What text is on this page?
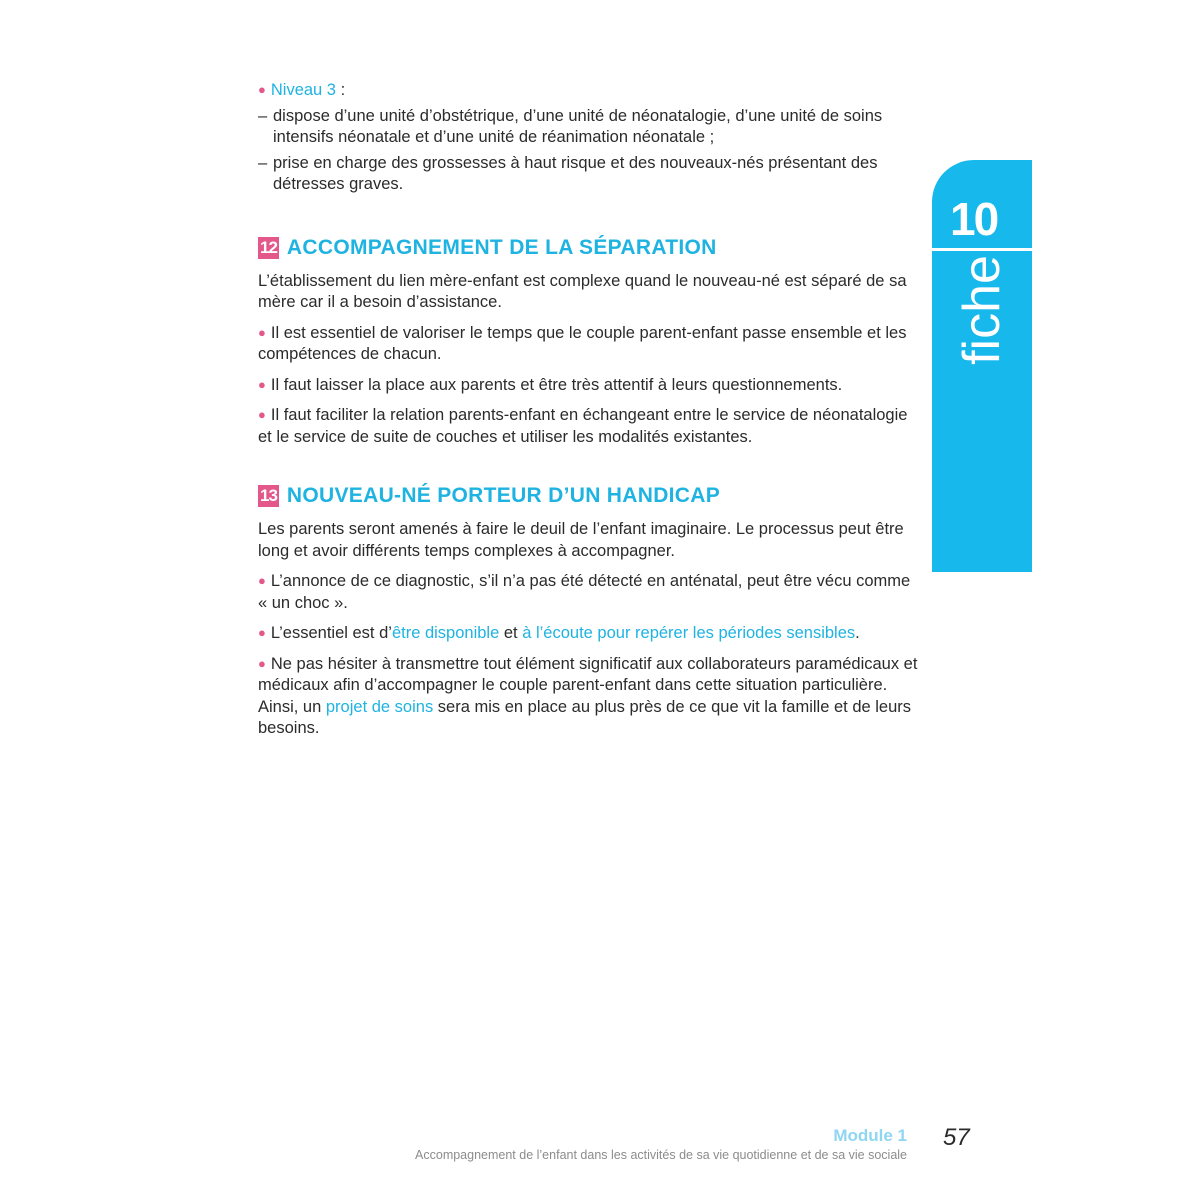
● Niveau 3 :

– dispose d’une unité d’obstétrique, d’une unité de néonatalogie, d’une unité de soins intensifs néonatale et d’une unité de réanimation néonatale ;

– prise en charge des grossesses à haut risque et des nouveaux-nés présentant des détresses graves.

12 ACCOMPAGNEMENT DE LA SÉPARATION

L’établissement du lien mère-enfant est complexe quand le nouveau-né est séparé de sa mère car il a besoin d’assistance.

● Il est essentiel de valoriser le temps que le couple parent-enfant passe ensemble et les compétences de chacun.

● Il faut laisser la place aux parents et être très attentif à leurs questionnements.

● Il faut faciliter la relation parents-enfant en échangeant entre le service de néonatalogie et le service de suite de couches et utiliser les modalités existantes.

13 NOUVEAU-NÉ PORTEUR D’UN HANDICAP

Les parents seront amenés à faire le deuil de l’enfant imaginaire. Le processus peut être long et avoir différents temps complexes à accompagner.

● L’annonce de ce diagnostic, s’il n’a pas été détecté en anténatal, peut être vécu comme « un choc ».

● L’essentiel est d’être disponible et à l’écoute pour repérer les périodes sensibles.

● Ne pas hésiter à transmettre tout élément significatif aux collaborateurs paramédicaux et médicaux afin d’accompagner le couple parent-enfant dans cette situation particulière. Ainsi, un projet de soins sera mis en place au plus près de ce que vit la famille et de leurs besoins.

10
fiche
Module 1
Accompagnement de l’enfant dans les activités de sa vie quotidienne et de sa vie sociale
57
